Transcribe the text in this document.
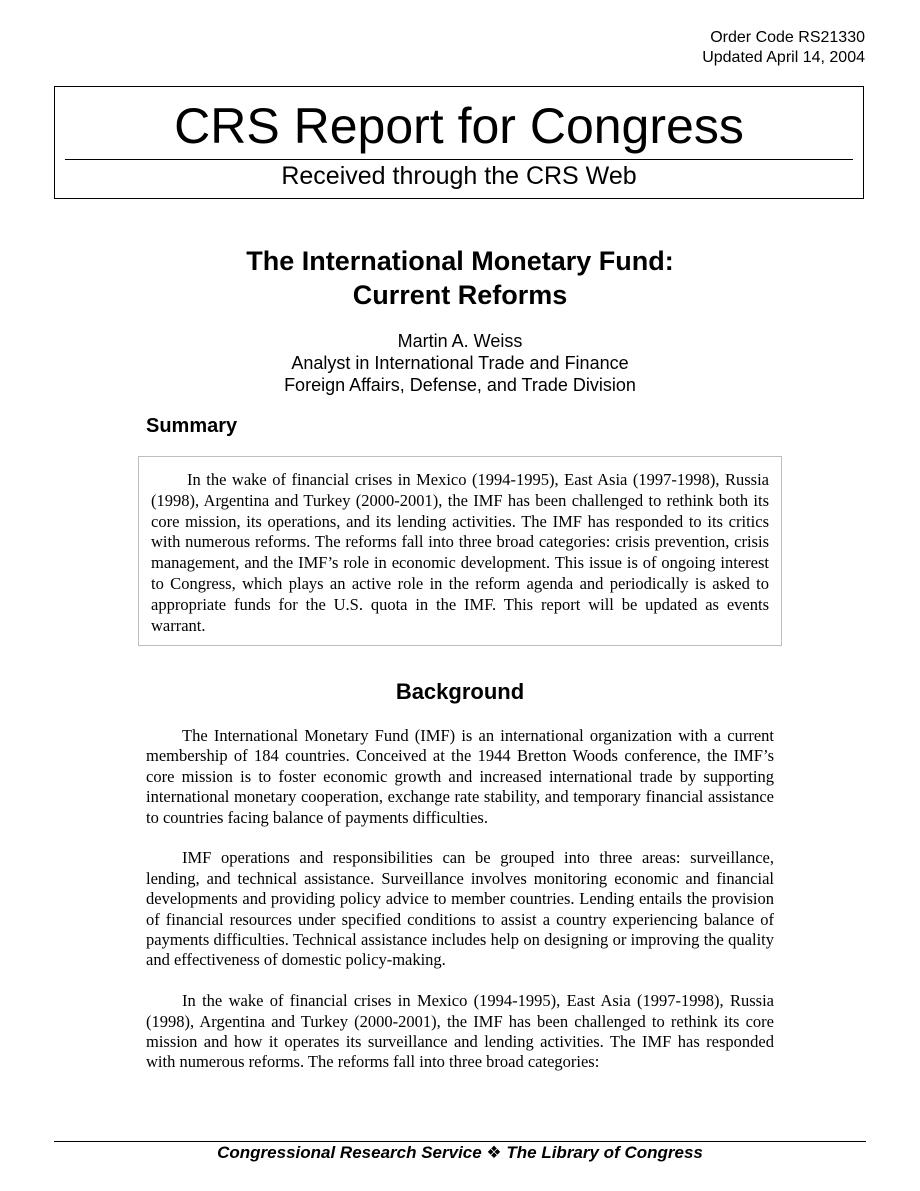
Order Code RS21330
Updated April 14, 2004
CRS Report for Congress
Received through the CRS Web
The International Monetary Fund:
Current Reforms
Martin A. Weiss
Analyst in International Trade and Finance
Foreign Affairs, Defense, and Trade Division
Summary

In the wake of financial crises in Mexico (1994-1995), East Asia (1997-1998), Russia (1998), Argentina and Turkey (2000-2001), the IMF has been challenged to rethink both its core mission, its operations, and its lending activities. The IMF has responded to its critics with numerous reforms. The reforms fall into three broad categories: crisis prevention, crisis management, and the IMF’s role in economic development. This issue is of ongoing interest to Congress, which plays an active role in the reform agenda and periodically is asked to appropriate funds for the U.S. quota in the IMF. This report will be updated as events warrant.

Background

The International Monetary Fund (IMF) is an international organization with a current membership of 184 countries. Conceived at the 1944 Bretton Woods conference, the IMF’s core mission is to foster economic growth and increased international trade by supporting international monetary cooperation, exchange rate stability, and temporary financial assistance to countries facing balance of payments difficulties.

IMF operations and responsibilities can be grouped into three areas: surveillance, lending, and technical assistance. Surveillance involves monitoring economic and financial developments and providing policy advice to member countries. Lending entails the provision of financial resources under specified conditions to assist a country experiencing balance of payments difficulties. Technical assistance includes help on designing or improving the quality and effectiveness of domestic policy-making.

In the wake of financial crises in Mexico (1994-1995), East Asia (1997-1998), Russia (1998), Argentina and Turkey (2000-2001), the IMF has been challenged to rethink its core mission and how it operates its surveillance and lending activities. The IMF has responded with numerous reforms. The reforms fall into three broad categories:

Congressional Research Service ❖ The Library of Congress
